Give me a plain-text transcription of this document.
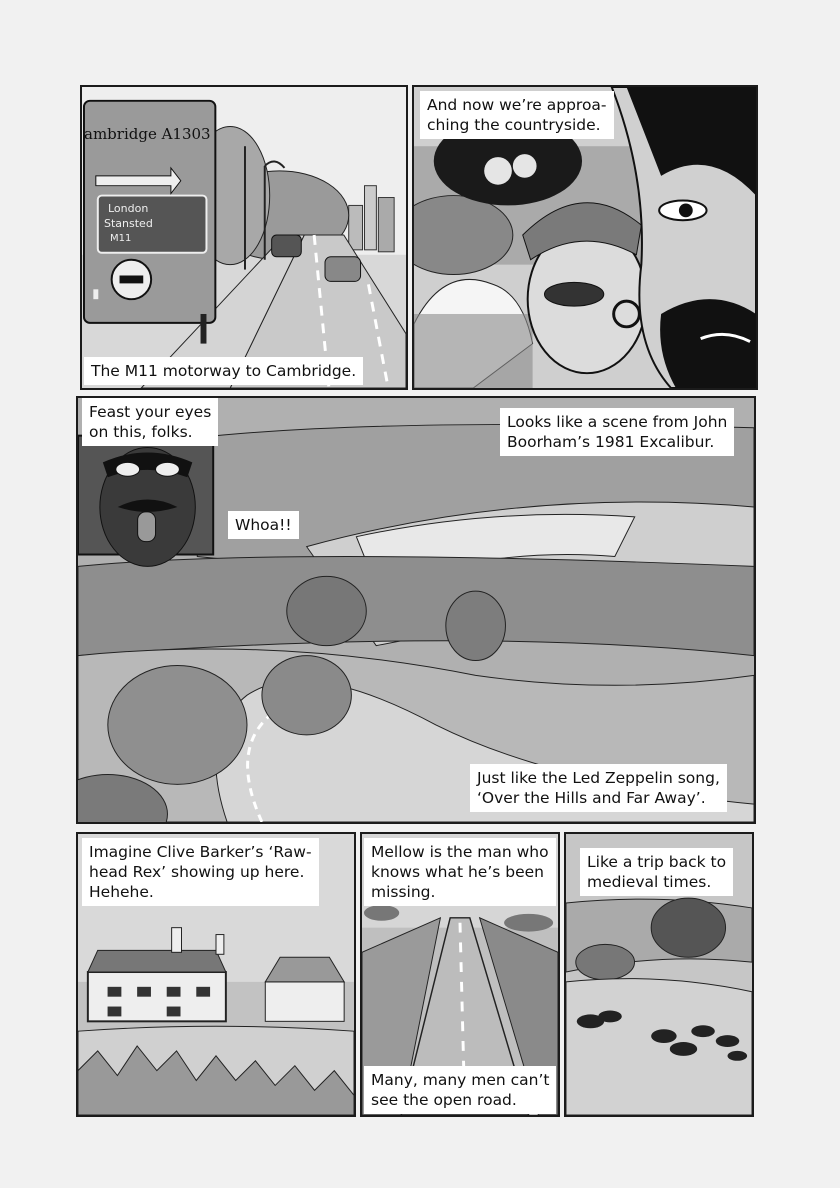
ambridge A1303
London
Stansted
M11
The M11 motorway to Cambridge.
And now we’re approa-
ching the countryside.
Feast your eyes
on this, folks.
Looks like a scene from John
Boorham’s 1981 Excalibur.
Whoa!!
Just like the Led Zeppelin song,
‘Over the Hills and Far Away’.
Imagine Clive Barker’s ‘Raw-
head Rex’ showing up here.
Hehehe.
Mellow is the man who
knows what he’s been
missing.
Many, many men can’t
see the open road.
Like a trip back to
medieval times.
